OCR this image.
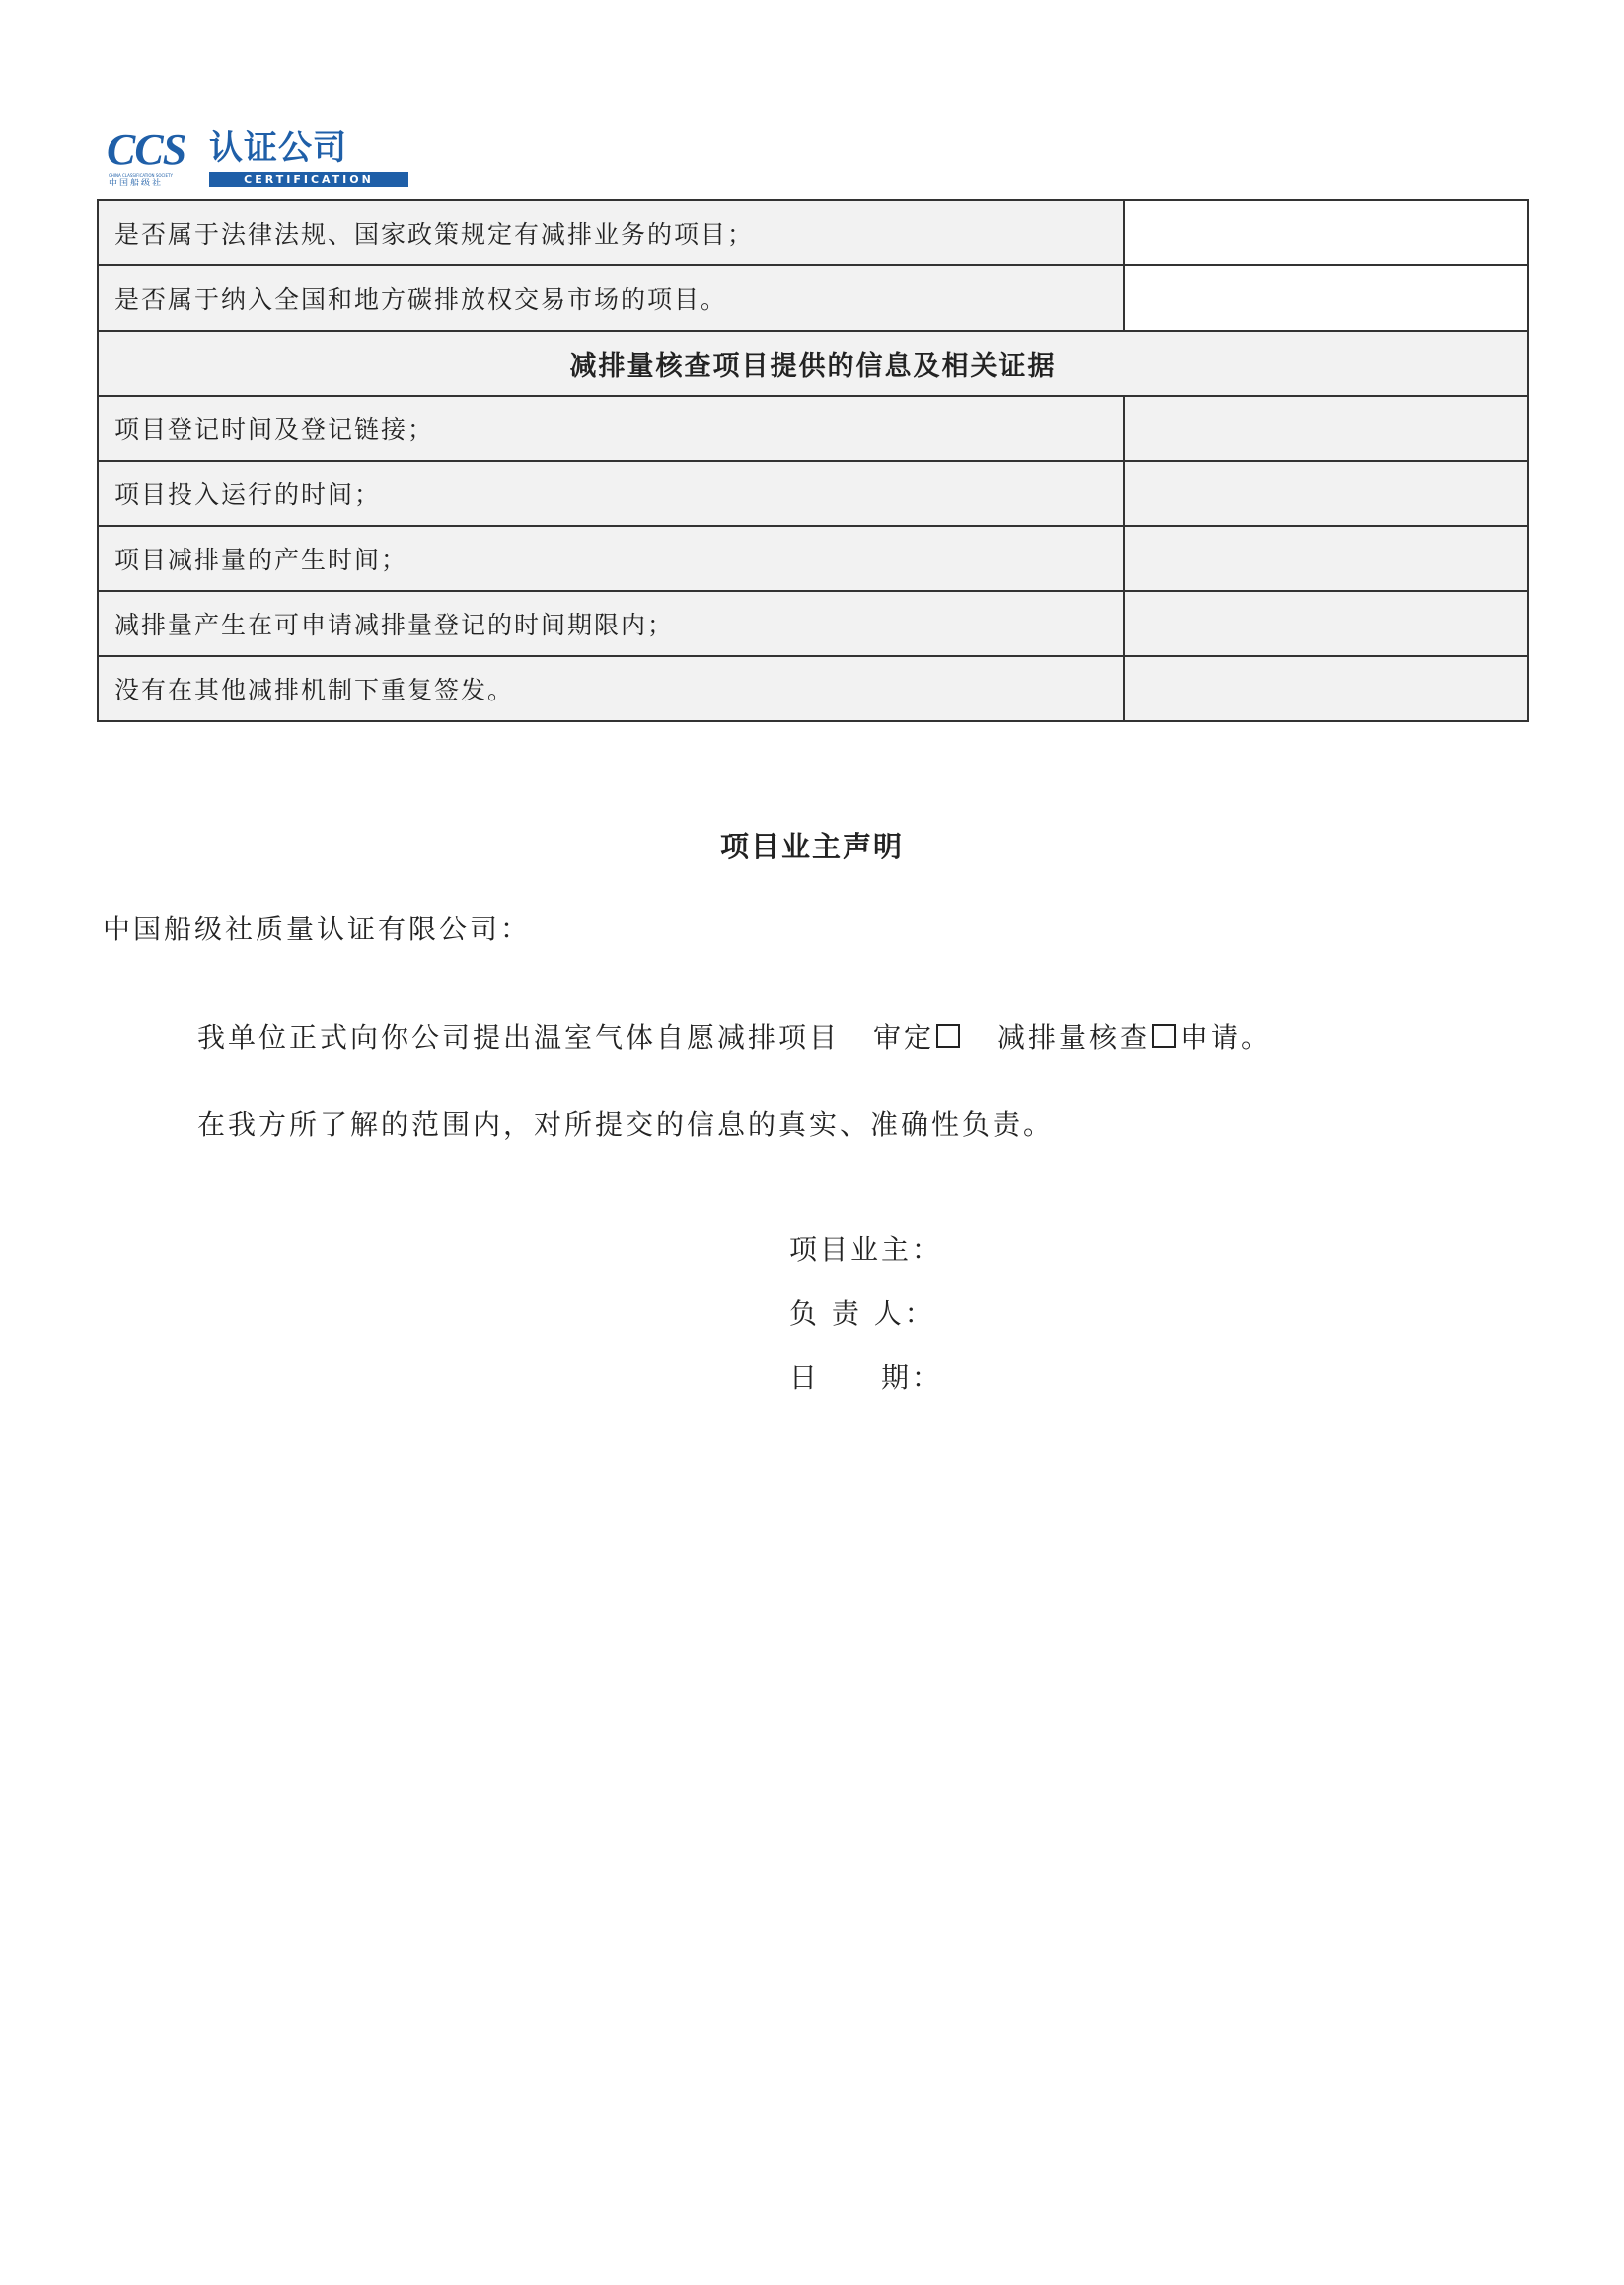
CCS 认证公司
CHINA CLASSIFICATION SOCIETY
中国船级社	CERTIFICATION
是否属于法律法规、国家政策规定有减排业务的项目；	
是否属于纳入全国和地方碳排放权交易市场的项目。	
减排量核查项目提供的信息及相关证据	
项目登记时间及登记链接；	
项目投入运行的时间；	
项目减排量的产生时间；	
减排量产生在可申请减排量登记的时间期限内；	
没有在其他减排机制下重复签发。	
项目业主声明
中国船级社质量认证有限公司：
我单位正式向你公司提出温室气体自愿减排项目 审定 减排量核查 申请。
在我方所了解的范围内，对所提交的信息的真实、准确性负责。
项目业主：
负 责 人：
日　　期：
